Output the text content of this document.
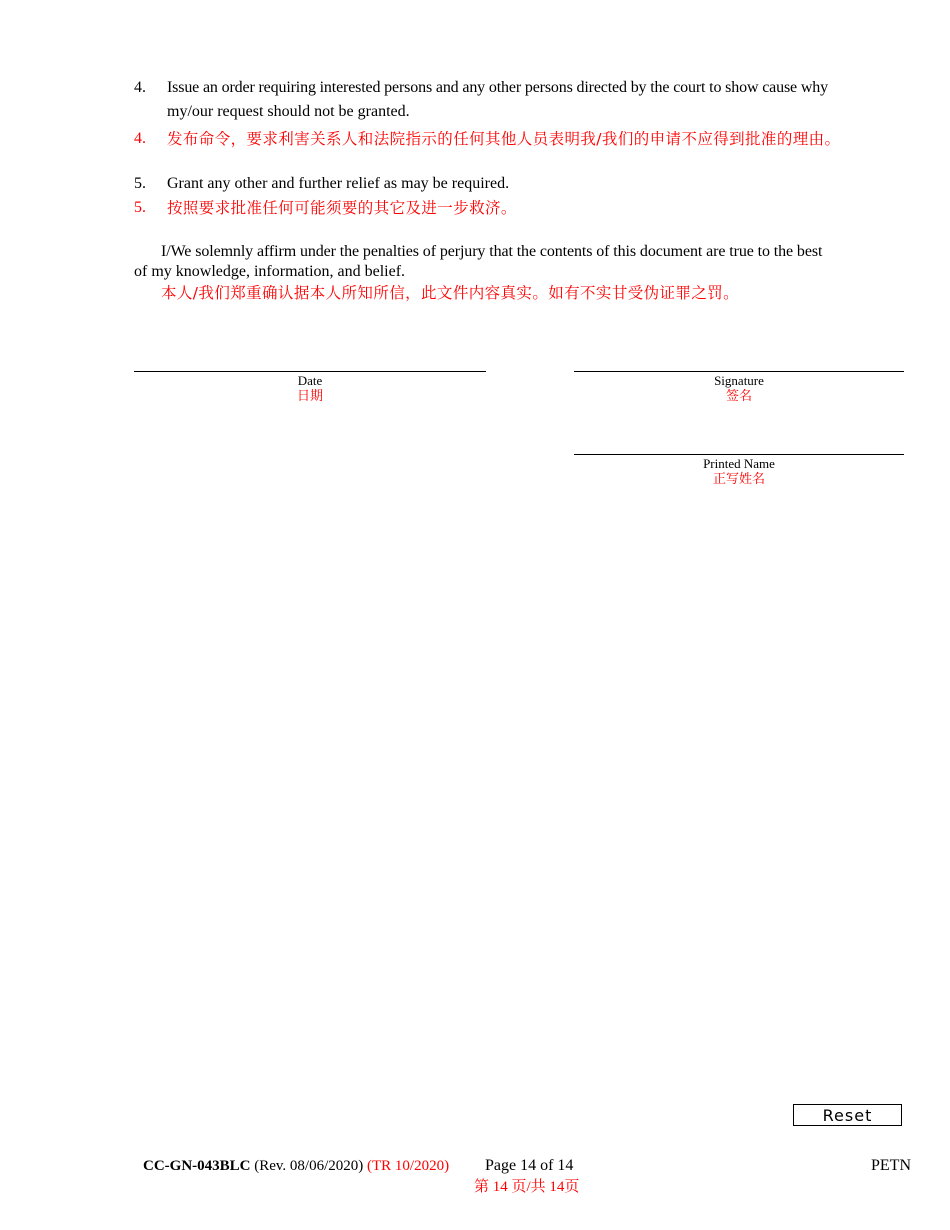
4. Issue an order requiring interested persons and any other persons directed by the court to show cause why
my/our request should not be granted.
4. 发布命令，要求利害关系人和法院指示的任何其他人员表明我/我们的申请不应得到批准的理由。
5. Grant any other and further relief as may be required.
5. 按照要求批准任何可能须要的其它及进一步救济。
I/We solemnly affirm under the penalties of perjury that the contents of this document are true to the best
of my knowledge, information, and belief.
本人/我们郑重确认据本人所知所信，此文件内容真实。如有不实甘受伪证罪之罚。
Date
日期
Signature
签名
Printed Name
正写姓名
Reset
CC-GN-043BLC (Rev. 08/06/2020) (TR 10/2020) Page 14 of 14
第 14 页/共 14页
PETN
